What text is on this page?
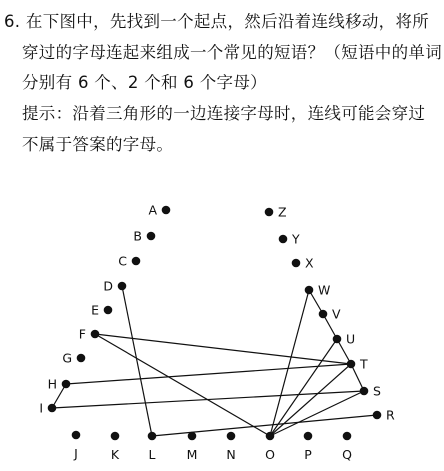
6. 在下图中，先找到一个起点，然后沿着连线移动，将所
穿过的字母连起来组成一个常见的短语？（短语中的单词
分别有 6 个、2 个和 6 个字母）
提示：沿着三角形的一边连接字母时，连线可能会穿过
不属于答案的字母。
A
B
C
D
E
F
G
H
I
J	K L M N O P Q
R
S
T
U
V
W
X
Y
Z
